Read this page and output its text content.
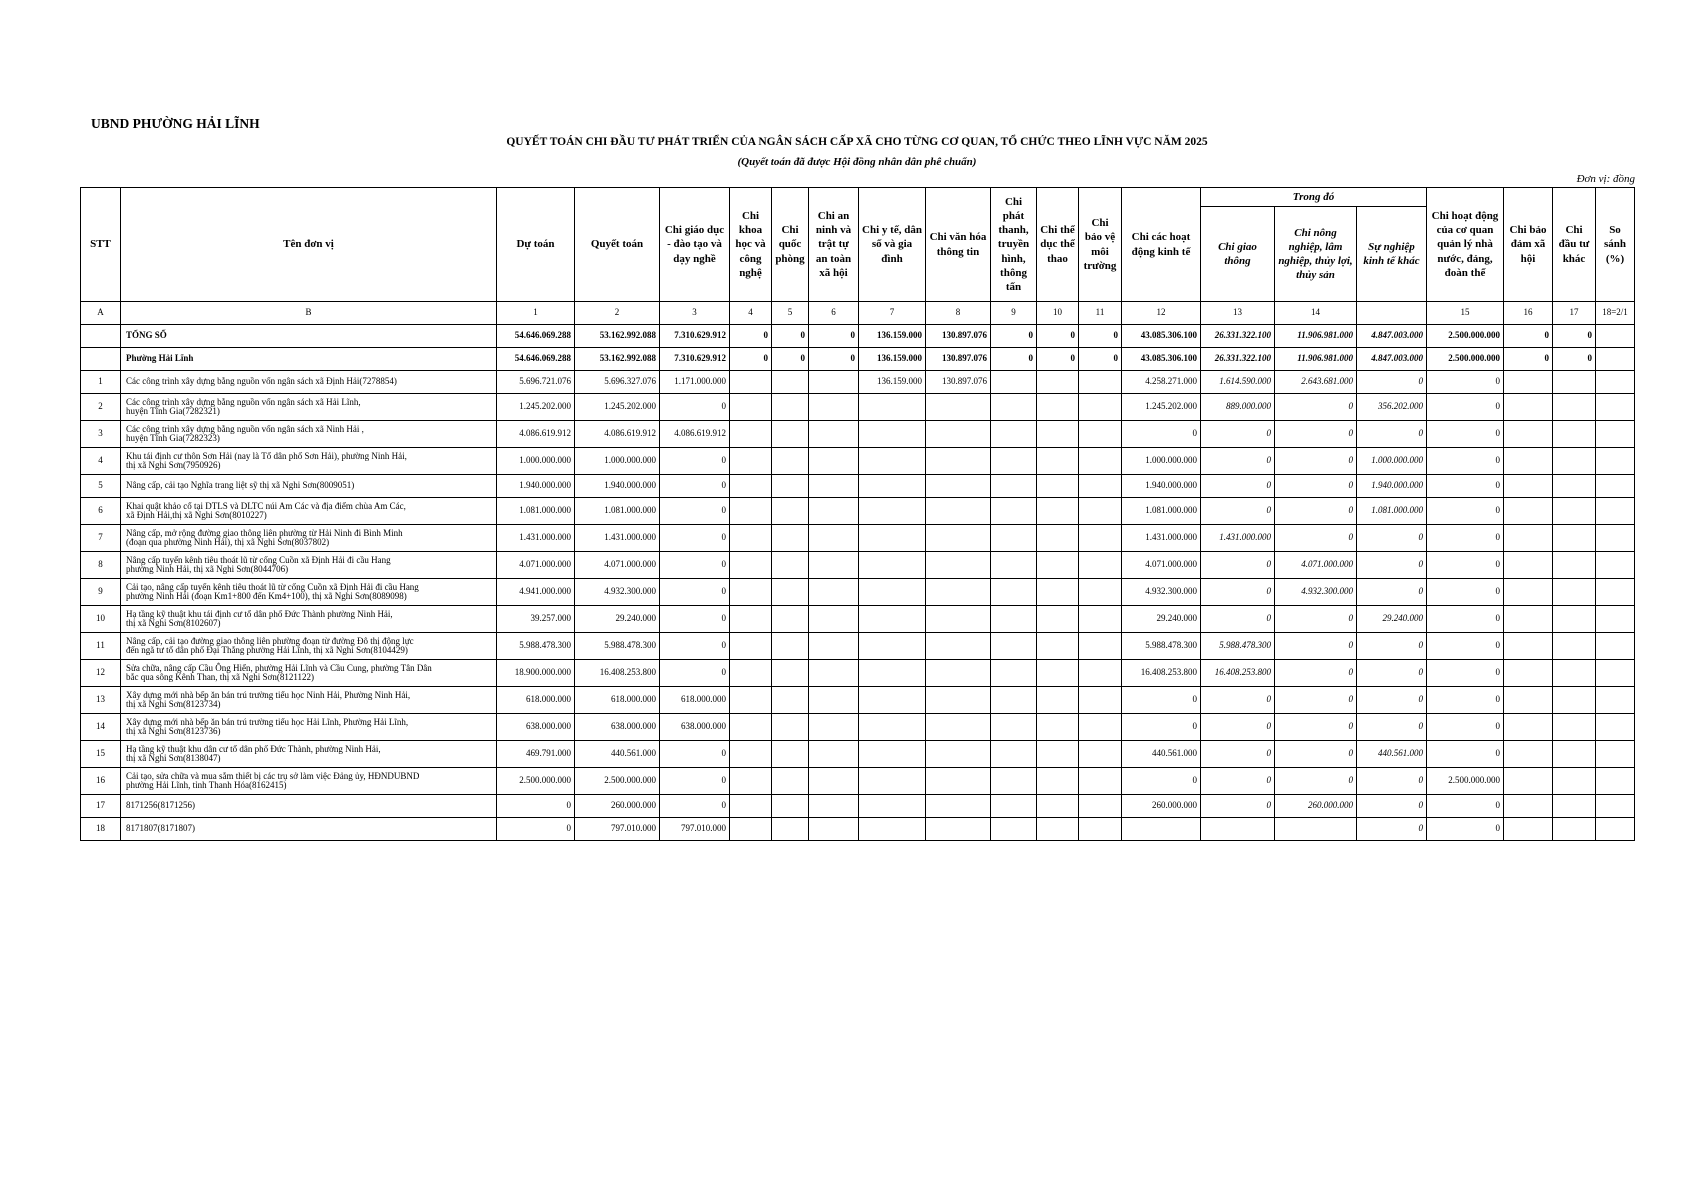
UBND PHƯỜNG HẢI LĨNH
QUYẾT TOÁN CHI ĐẦU TƯ PHÁT TRIỂN CỦA NGÂN SÁCH CẤP XÃ CHO TỪNG CƠ QUAN, TỔ CHỨC THEO LĨNH VỰC NĂM 2025
(Quyết toán đã được Hội đồng nhân dân phê chuẩn)
Đơn vị: đồng
STT	Tên đơn vị	Dự toán	Quyết toán	Chi giáo dục - đào tạo và dạy nghề	Chi khoa học và công nghệ	Chi quốc phòng	Chi an ninh và trật tự an toàn xã hội	Chi y tế, dân số và gia đình	Chi văn hóa thông tin	Chi phát thanh, truyền hình, thông tấn	Chi thể dục thể thao	Chi bảo vệ môi trường	Chi các hoạt động kinh tế	Trong đó			Chi hoạt động của cơ quan quản lý nhà nước, đảng, đoàn thể	Chi bảo đảm xã hội	Chi đầu tư khác	So sánh (%)
														Chi giao thông	Chi nông nghiệp, lâm nghiệp, thủy lợi, thủy sản	Sự nghiệp kinh tế khác				
A	B	1	2	3	4	5	6	7	8	9	10	11	12	13	14		15	16	17	18=2/1
	TỔNG SỐ	54.646.069.288	53.162.992.088	7.310.629.912	0	0	0	136.159.000	130.897.076	0	0	0	43.085.306.100	26.331.322.100	11.906.981.000	4.847.003.000	2.500.000.000	0	0	
	Phường Hải Lĩnh	54.646.069.288	53.162.992.088	7.310.629.912	0	0	0	136.159.000	130.897.076	0	0	0	43.085.306.100	26.331.322.100	11.906.981.000	4.847.003.000	2.500.000.000	0	0	
1	Các công trình xây dựng bằng nguồn vốn ngân sách xã Định Hải(7278854)	5.696.721.076	5.696.327.076	1.171.000.000				136.159.000	130.897.076				4.258.271.000	1.614.590.000	2.643.681.000	0	0			
2	Các công trình xây dựng bằng nguồn vốn ngân sách xã Hải Lĩnh,
huyện Tĩnh Gia(7282321)	1.245.202.000	1.245.202.000	0									1.245.202.000	889.000.000	0	356.202.000	0			
3	Các công trình xây dựng bằng nguồn vốn ngân sách xã Ninh Hải ,
huyện Tĩnh Gia(7282323)	4.086.619.912	4.086.619.912	4.086.619.912									0	0	0	0	0			
4	Khu tái định cư thôn Sơn Hải (nay là Tổ dân phố Sơn Hải), phường Ninh Hải,
thị xã Nghi Sơn(7950926)	1.000.000.000	1.000.000.000	0									1.000.000.000	0	0	1.000.000.000	0			
5	Nâng cấp, cải tạo Nghĩa trang liệt sỹ thị xã Nghi Sơn(8009051)	1.940.000.000	1.940.000.000	0									1.940.000.000	0	0	1.940.000.000	0			
6	Khai quật khảo cổ tại DTLS và DLTC núi Am Các và địa điểm chùa Am Các,
xã Định Hải,thị xã Nghi Sơn(8010227)	1.081.000.000	1.081.000.000	0									1.081.000.000	0	0	1.081.000.000	0			
7	Nâng cấp, mở rộng đường giao thông liên phường từ Hải Ninh đi Bình Minh
(đoạn qua phường Ninh Hải), thị xã Nghi Sơn(8037802)	1.431.000.000	1.431.000.000	0									1.431.000.000	1.431.000.000	0	0	0			
8	Nâng cấp tuyến kênh tiêu thoát lũ từ cống Cuồn xã Định Hải đi cầu Hang
phường Ninh Hải, thị xã Nghi Sơn(8044706)	4.071.000.000	4.071.000.000	0									4.071.000.000	0	4.071.000.000	0	0			
9	Cải tạo, nâng cấp tuyến kênh tiêu thoát lũ từ cống Cuồn xã Định Hải đi cầu Hang
phường Ninh Hải (đoạn Km1+800 đến Km4+100), thị xã Nghi Sơn(8089098)	4.941.000.000	4.932.300.000	0									4.932.300.000	0	4.932.300.000	0	0			
10	Hạ tầng kỹ thuật khu tái định cư tổ dân phố Đức Thành phường Ninh Hải,
thị xã Nghi Sơn(8102607)	39.257.000	29.240.000	0									29.240.000	0	0	29.240.000	0			
11	Nâng cấp, cải tạo đường giao thông liên phường đoạn từ đường Đô thị động lực
đến ngã tư tổ dân phố Đại Thắng phường Hải Lĩnh, thị xã Nghi Sơn(8104429)	5.988.478.300	5.988.478.300	0									5.988.478.300	5.988.478.300	0	0	0			
12	Sửa chữa, nâng cấp Cầu Ông Hiển, phường Hải Lĩnh và Cầu Cung, phường Tân Dân
bắc qua sông Kênh Than, thị xã Nghi Sơn(8121122)	18.900.000.000	16.408.253.800	0									16.408.253.800	16.408.253.800	0	0	0			
13	Xây dựng mới nhà bếp ăn bán trú trường tiểu học Ninh Hải, Phường Ninh Hải,
thị xã Nghi Sơn(8123734)	618.000.000	618.000.000	618.000.000									0	0	0	0	0			
14	Xây dựng mới nhà bếp ăn bán trú trường tiểu học Hải Lĩnh, Phường Hải Lĩnh,
thị xã Nghi Sơn(8123736)	638.000.000	638.000.000	638.000.000									0	0	0	0	0			
15	Hạ tầng kỹ thuật khu dân cư tổ dân phố Đức Thành, phường Ninh Hải,
thị xã Nghi Sơn(8138047)	469.791.000	440.561.000	0									440.561.000	0	0	440.561.000	0			
16	Cải tạo, sửa chữa và mua sắm thiết bị các trụ sở làm việc Đảng ủy, HĐNDUBND
phường Hải Lĩnh, tỉnh Thanh Hóa(8162415)	2.500.000.000	2.500.000.000	0									0	0	0	0	2.500.000.000			
17	8171256(8171256)	0	260.000.000	0									260.000.000	0	260.000.000	0	0			
18	8171807(8171807)	0	797.010.000	797.010.000												0	0			
